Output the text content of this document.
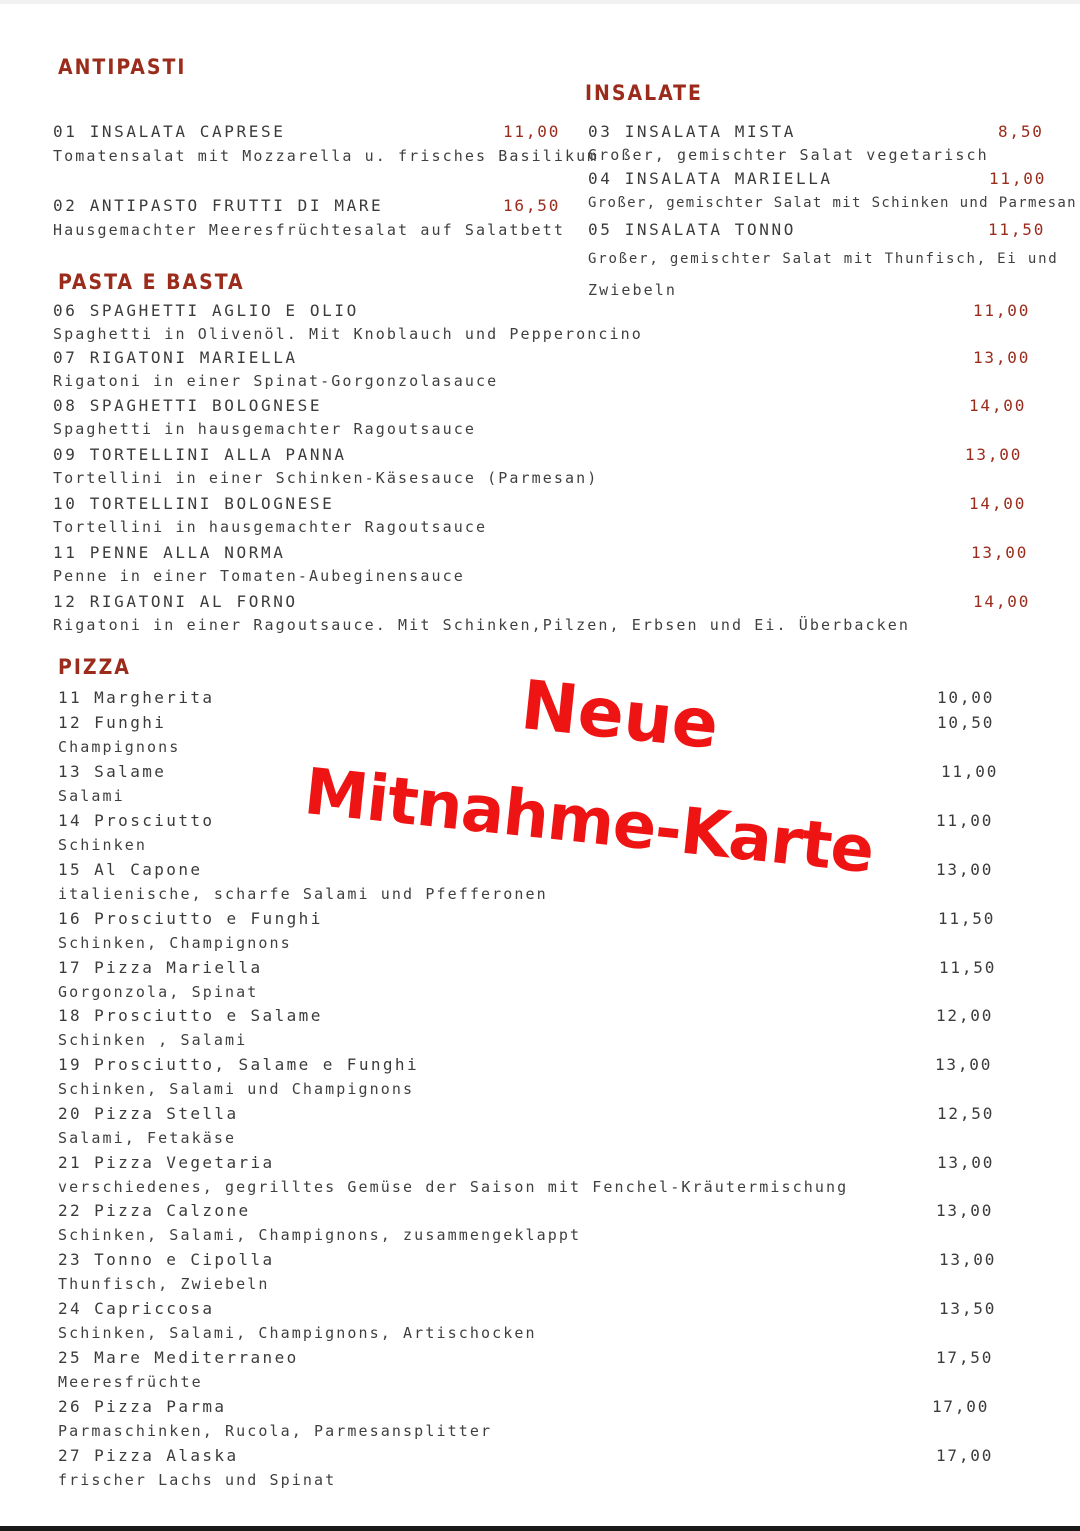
ANTIPASTI
01 INSALATA CAPRESE	11,00
Tomatensalat mit Mozzarella u. frisches Basilikum
02 ANTIPASTO FRUTTI DI MARE	16,50
Hausgemachter Meeresfrüchtesalat auf Salatbett
INSALATE
03 INSALATA MISTA	8,50
Großer, gemischter Salat vegetarisch
04 INSALATA MARIELLA	11,00
Großer, gemischter Salat mit Schinken und Parmesan
05 INSALATA TONNO	11,50
Großer, gemischter Salat mit Thunfisch, Ei und
Zwiebeln
PASTA E BASTA
06 SPAGHETTI AGLIO E OLIO	11,00
Spaghetti in Olivenöl. Mit Knoblauch und Pepperoncino
07 RIGATONI MARIELLA	13,00
Rigatoni in einer Spinat-Gorgonzolasauce
08 SPAGHETTI BOLOGNESE	14,00
Spaghetti in hausgemachter Ragoutsauce
09 TORTELLINI ALLA PANNA	13,00
Tortellini in einer Schinken-Käsesauce (Parmesan)
10 TORTELLINI BOLOGNESE	14,00
Tortellini in hausgemachter Ragoutsauce
11 PENNE ALLA NORMA	13,00
Penne in einer Tomaten-Aubeginensauce
12 RIGATONI AL FORNO	14,00
Rigatoni in einer Ragoutsauce. Mit Schinken,Pilzen, Erbsen und Ei. Überbacken
PIZZA
11 Margherita	10,00
12 Funghi	10,50
Champignons
13 Salame	11,00
Salami
14 Prosciutto	11,00
Schinken
15 Al Capone	13,00
italienische, scharfe Salami und Pfefferonen
16 Prosciutto e Funghi	11,50
Schinken, Champignons
17 Pizza Mariella	11,50
Gorgonzola, Spinat
18 Prosciutto e Salame	12,00
Schinken , Salami
19 Prosciutto, Salame e Funghi	13,00
Schinken, Salami und Champignons
20 Pizza Stella	12,50
Salami, Fetakäse
21 Pizza Vegetaria	13,00
verschiedenes, gegrilltes Gemüse der Saison mit Fenchel-Kräutermischung
22 Pizza Calzone	13,00
Schinken, Salami, Champignons, zusammengeklappt
23 Tonno e Cipolla	13,00
Thunfisch, Zwiebeln
24 Capriccosa	13,50
Schinken, Salami, Champignons, Artischocken
25 Mare Mediterraneo	17,50
Meeresfrüchte
26 Pizza Parma	17,00
Parmaschinken, Rucola, Parmesansplitter
27 Pizza Alaska	17,00
frischer Lachs und Spinat
Neue
Mitnahme-Karte
